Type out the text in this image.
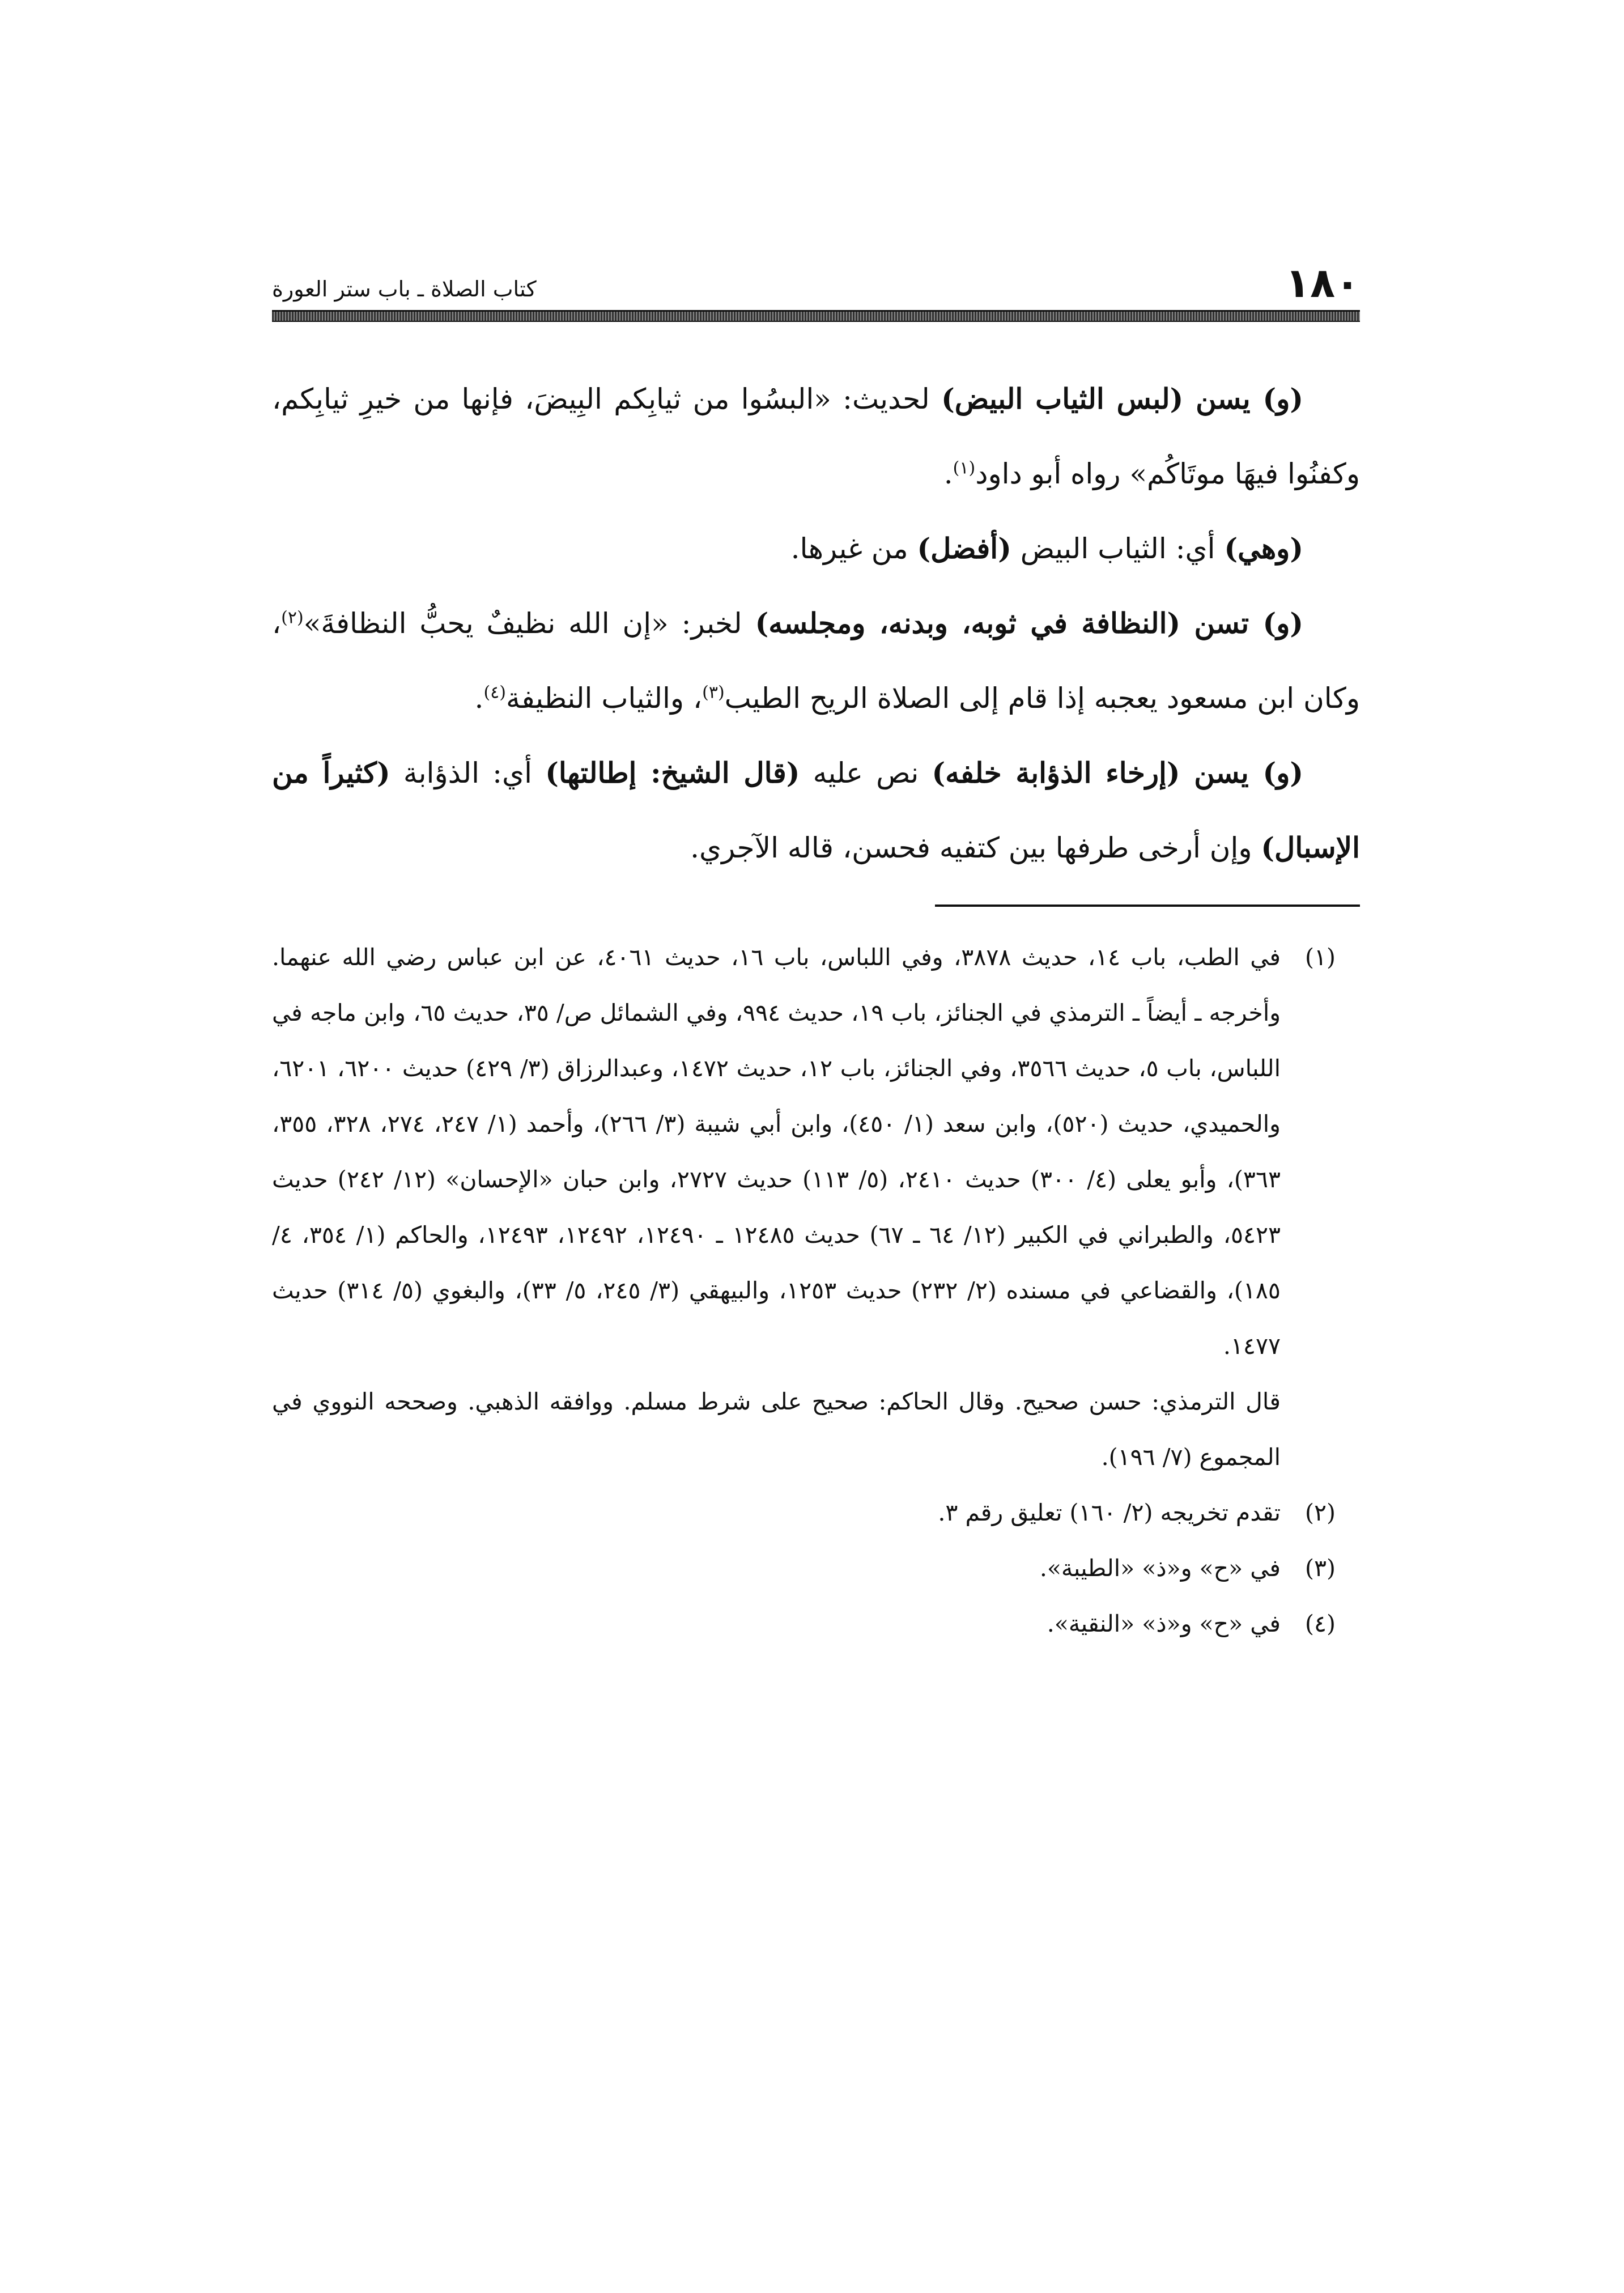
١٨٠
كتاب الصلاة ـ باب ستر العورة

(و) يسن (لبس الثياب البيض) لحديث: «البسُوا من ثيابِكم البِيضَ، فإنها من خيرِ ثيابِكم، وكفنُوا فيهَا موتَاكُم» رواه أبو داود$^{(١)}$.

(وهي) أي: الثياب البيض (أفضل) من غيرها.

(و) تسن (النظافة في ثوبه، وبدنه، ومجلسه) لخبر: «إن الله نظيفٌ يحبُّ النظافةَ»$^{(٢)}$، وكان ابن مسعود يعجبه إذا قام إلى الصلاة الريح الطيب$^{(٣)}$، والثياب النظيفة$^{(٤)}$.

(و) يسن (إرخاء الذؤابة خلفه) نص عليه (قال الشيخ: إطالتها) أي: الذؤابة (كثيراً من الإسبال) وإن أرخى طرفها بين كتفيه فحسن، قاله الآجري.

(١)
في الطب، باب ١٤، حديث ٣٨٧٨، وفي اللباس، باب ١٦، حديث ٤٠٦١، عن ابن عباس رضي الله عنهما. وأخرجه ـ أيضاً ـ الترمذي في الجنائز، باب ١٩، حديث ٩٩٤، وفي الشمائل ص/ ٣٥، حديث ٦٥، وابن ماجه في اللباس، باب ٥، حديث ٣٥٦٦، وفي الجنائز، باب ١٢، حديث ١٤٧٢، وعبدالرزاق (٣/ ٤٢٩) حديث ٦٢٠٠، ٦٢٠١، والحميدي، حديث (٥٢٠)، وابن سعد (١/ ٤٥٠)، وابن أبي شيبة (٣/ ٢٦٦)، وأحمد (١/ ٢٤٧، ٢٧٤، ٣٢٨، ٣٥٥، ٣٦٣)، وأبو يعلى (٤/ ٣٠٠) حديث ٢٤١٠، (٥/ ١١٣) حديث ٢٧٢٧، وابن حبان «الإحسان» (١٢/ ٢٤٢) حديث ٥٤٢٣، والطبراني في الكبير (١٢/ ٦٤ ـ ٦٧) حديث ١٢٤٨٥ ـ ١٢٤٩٠، ١٢٤٩٢، ١٢٤٩٣، والحاكم (١/ ٣٥٤، ٤/ ١٨٥)، والقضاعي في مسنده (٢/ ٢٣٢) حديث ١٢٥٣، والبيهقي (٣/ ٢٤٥، ٥/ ٣٣)، والبغوي (٥/ ٣١٤) حديث ١٤٧٧.
قال الترمذي: حسن صحيح. وقال الحاكم: صحيح على شرط مسلم. ووافقه الذهبي. وصححه النووي في المجموع (٧/ ١٩٦).
(٢)
تقدم تخريجه (٢/ ١٦٠) تعليق رقم ٣.
(٣)
في «ح» و«ذ» «الطيبة».
(٤)
في «ح» و«ذ» «النقية».
